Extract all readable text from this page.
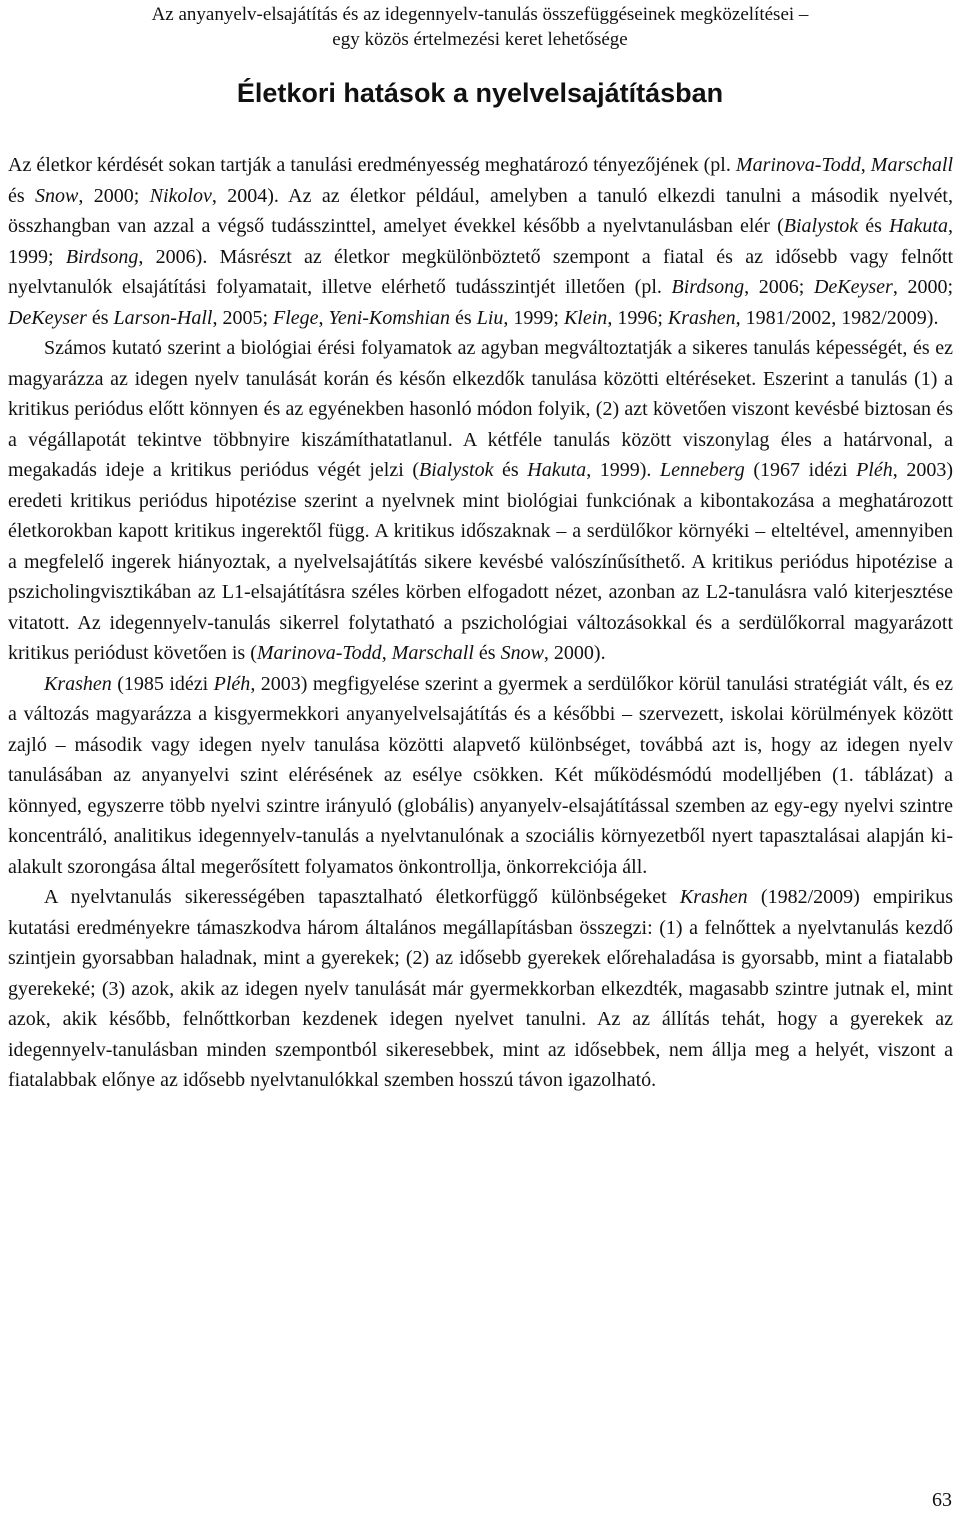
Az anyanyelv-elsajátítás és az idegennyelv-tanulás összefüggéseinek megközelítései –
egy közös értelmezési keret lehetősége
Életkori hatások a nyelvelsajátításban

Az életkor kérdését sokan tartják a tanulási eredményesség meghatározó tényezőjének (pl. Marinova-Todd, Marschall és Snow, 2000; Nikolov, 2004). Az az életkor például, amelyben a tanuló elkezdi tanulni a második nyelvét, összhangban van azzal a végső tudásszinttel, amelyet évekkel később a nyelvtanulásban elér (Bialystok és Hakuta, 1999; Birdsong, 2006). Másrészt az életkor megkülönböztető szempont a fiatal és az idősebb vagy felnőtt nyelvtanulók elsajátítási folyamatait, illetve elérhető tudásszintjét illetően (pl. Birdsong, 2006; DeKeyser, 2000; DeKeyser és Larson-Hall, 2005; Flege, Yeni-Komshian és Liu, 1999; Klein, 1996; Krashen, 1981/2002, 1982/2009).

Számos kutató szerint a biológiai érési folyamatok az agyban megváltoztatják a sikeres tanulás képességét, és ez magyarázza az idegen nyelv tanulását korán és későn elkezdők tanulása közötti eltéréseket. Eszerint a tanulás (1) a kritikus periódus előtt könnyen és az egyénekben hasonló módon folyik, (2) azt követően viszont kevésbé biztosan és a végállapotát tekintve többnyire kiszámíthatatlanul. A kétféle tanulás között viszonylag éles a határvonal, a megakadás ideje a kritikus periódus végét jelzi (Bialystok és Hakuta, 1999). Lenneberg (1967 idézi Pléh, 2003) eredeti kritikus periódus hipotézise szerint a nyelvnek mint biológiai funkciónak a kibontakozása a meghatározott életkorokban kapott kritikus ingerektől függ. A kritikus időszaknak – a serdülőkor környéki – elteltével, amennyiben a megfelelő ingerek hiányoztak, a nyelvelsajátítás sikere kevésbé valószínűsíthető. A kritikus periódus hipotézise a pszicholingvisztikában az L1-elsajátításra széles körben elfogadott nézet, azonban az L2-tanulásra való kiterjesztése vitatott. Az idegennyelv-tanulás sikerrel folytatható a pszichológiai változásokkal és a serdülőkorral magyarázott kritikus periódust követően is (Marinova-Todd, Marschall és Snow, 2000).

Krashen (1985 idézi Pléh, 2003) megfigyelése szerint a gyermek a serdülőkor körül tanulási stratégiát vált, és ez a változás magyarázza a kisgyermekkori anyanyelvelsajátítás és a későbbi – szervezett, iskolai körülmények között zajló – második vagy idegen nyelv tanulása közötti alapvető különbséget, továbbá azt is, hogy az idegen nyelv tanulásában az anyanyelvi szint elérésének az esélye csökken. Két működésmódú modelljében (1. táblázat) a könnyed, egyszerre több nyelvi szintre irányuló (globális) anyanyelv-elsajátítással szemben az egy-egy nyelvi szintre koncentráló, analitikus idegennyelv-tanulás a nyelvtanulónak a szociális környezetből nyert tapasztalásai alapján kialakult szorongása által megerősített folyamatos önkontrollja, önkorrekciója áll.

A nyelvtanulás sikerességében tapasztalható életkorfüggő különbségeket Krashen (1982/2009) empirikus kutatási eredményekre támaszkodva három általános megállapításban összegzi: (1) a felnőttek a nyelvtanulás kezdő szintjein gyorsabban haladnak, mint a gyerekek; (2) az idősebb gyerekek előrehaladása is gyorsabb, mint a fiatalabb gyerekeké; (3) azok, akik az idegen nyelv tanulását már gyermekkorban elkezdték, magasabb szintre jutnak el, mint azok, akik később, felnőttkorban kezdenek idegen nyelvet tanulni. Az az állítás tehát, hogy a gyerekek az idegennyelv-tanulásban minden szempontból sikeresebbek, mint az idősebbek, nem állja meg a helyét, viszont a fiatalabbak előnye az idősebb nyelvtanulókkal szemben hosszú távon igazolható.

63
